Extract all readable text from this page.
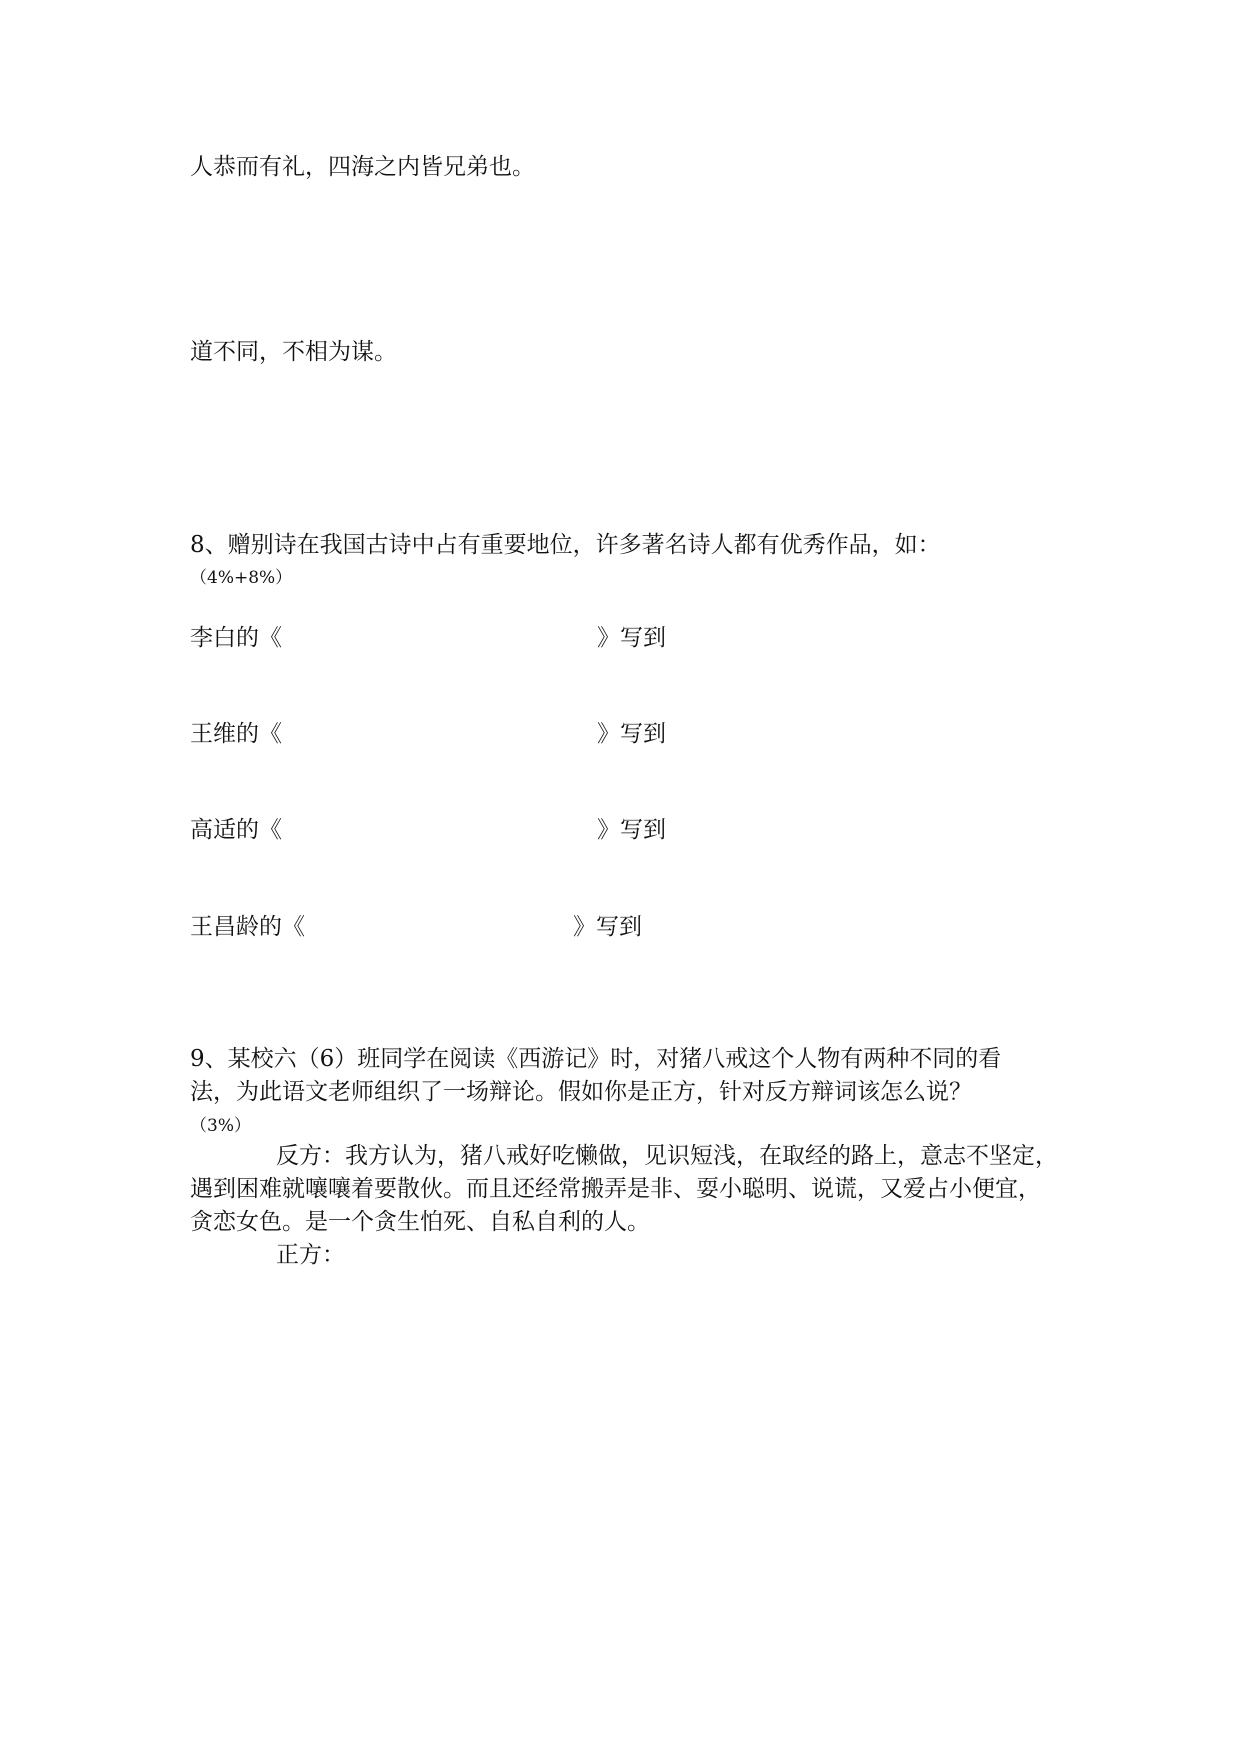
人恭而有礼，四海之内皆兄弟也。
道不同，不相为谋。
8、赠别诗在我国古诗中占有重要地位，许多著名诗人都有优秀作品，如：
（4%+8%）
李白的《	》写到
王维的《	》写到
高适的《	》写到
王昌龄的《	》写到
9、某校六（6）班同学在阅读《西游记》时，对猪八戒这个人物有两种不同的看
法，为此语文老师组织了一场辩论。假如你是正方，针对反方辩词该怎么说？
（3%）
反方：我方认为，猪八戒好吃懒做，见识短浅，在取经的路上，意志不坚定，遇到困难就嚷嚷着要散伙。而且还经常搬弄是非、耍小聪明、说谎，又爱占小便宜，贪恋女色。是一个贪生怕死、自私自利的人。
正方：
